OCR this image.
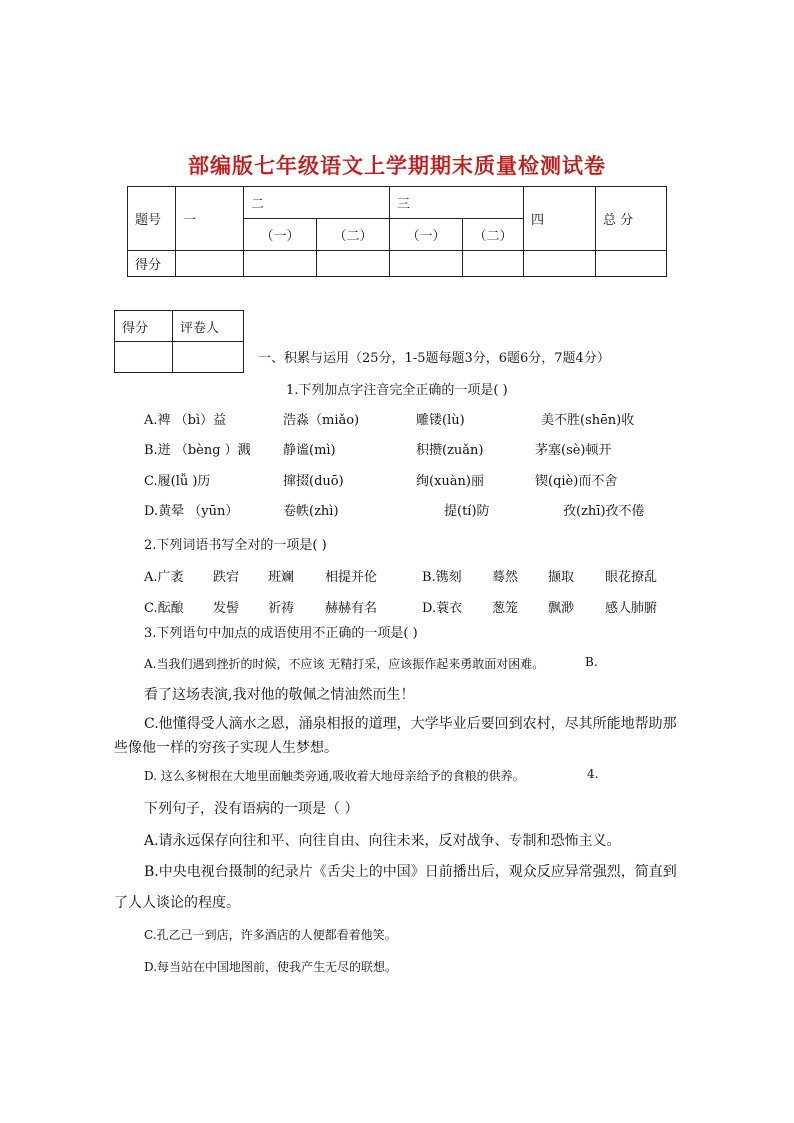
部编版七年级语文上学期期末质量检测试卷
题号	一	二		三		四	总 分
		（一）	（二）	（一）	（二）		
得分							
得分	评卷人

一、积累与运用（25分，1-5题每题3分，6题6分，7题4分）
1.下列加点字注音完全正确的一项是( )
A.裨 （bì）益	浩淼（miǎo)	雕镂(lù)	美不胜(shēn)收
B.迸 （bèng ）溅 静谧(mì)	积攒(zuǎn)	茅塞(sè)顿开
C.履(lǚ )历	撺掇(duō)	绚(xuàn)丽	锲(qiè)而不舍
D.黄晕 （yūn）	卷帙(zhì)	提(tí)防	孜(zhī)孜不倦
2.下列词语书写全对的一项是( )
A.广袤 跌宕 班斓 相提并伦	B.镌刻 蓦然 撷取 眼花撩乱
C.酝酿 发髻 祈祷 赫赫有名	D.蓑衣 葱笼 飘渺 感人肺腑
3.下列语句中加点的成语使用不正确的一项是( )
A.当我们遇到挫折的时候，不应该 无精打采，应该振作起来勇敢面对困难。	B.
看了这场表演,我对他的敬佩之情油然而生！
C.他懂得受人滴水之恩，涌泉相报的道理，大学毕业后要回到农村，尽其所能地帮助那
些像他一样的穷孩子实现人生梦想。
D. 这么多树根在大地里面触类旁通,吸收着大地母亲给予的食粮的供养。	4.
下列句子，没有语病的一项是（ ）
A.请永远保存向往和平、向往自由、向往未来，反对战争、专制和恐怖主义。
B.中央电视台摄制的纪录片《舌尖上的中国》日前播出后，观众反应异常强烈，简直到
了人人谈论的程度。
C.孔乙己一到店，许多酒店的人便都看着他笑。
D.每当站在中国地图前，使我产生无尽的联想。
